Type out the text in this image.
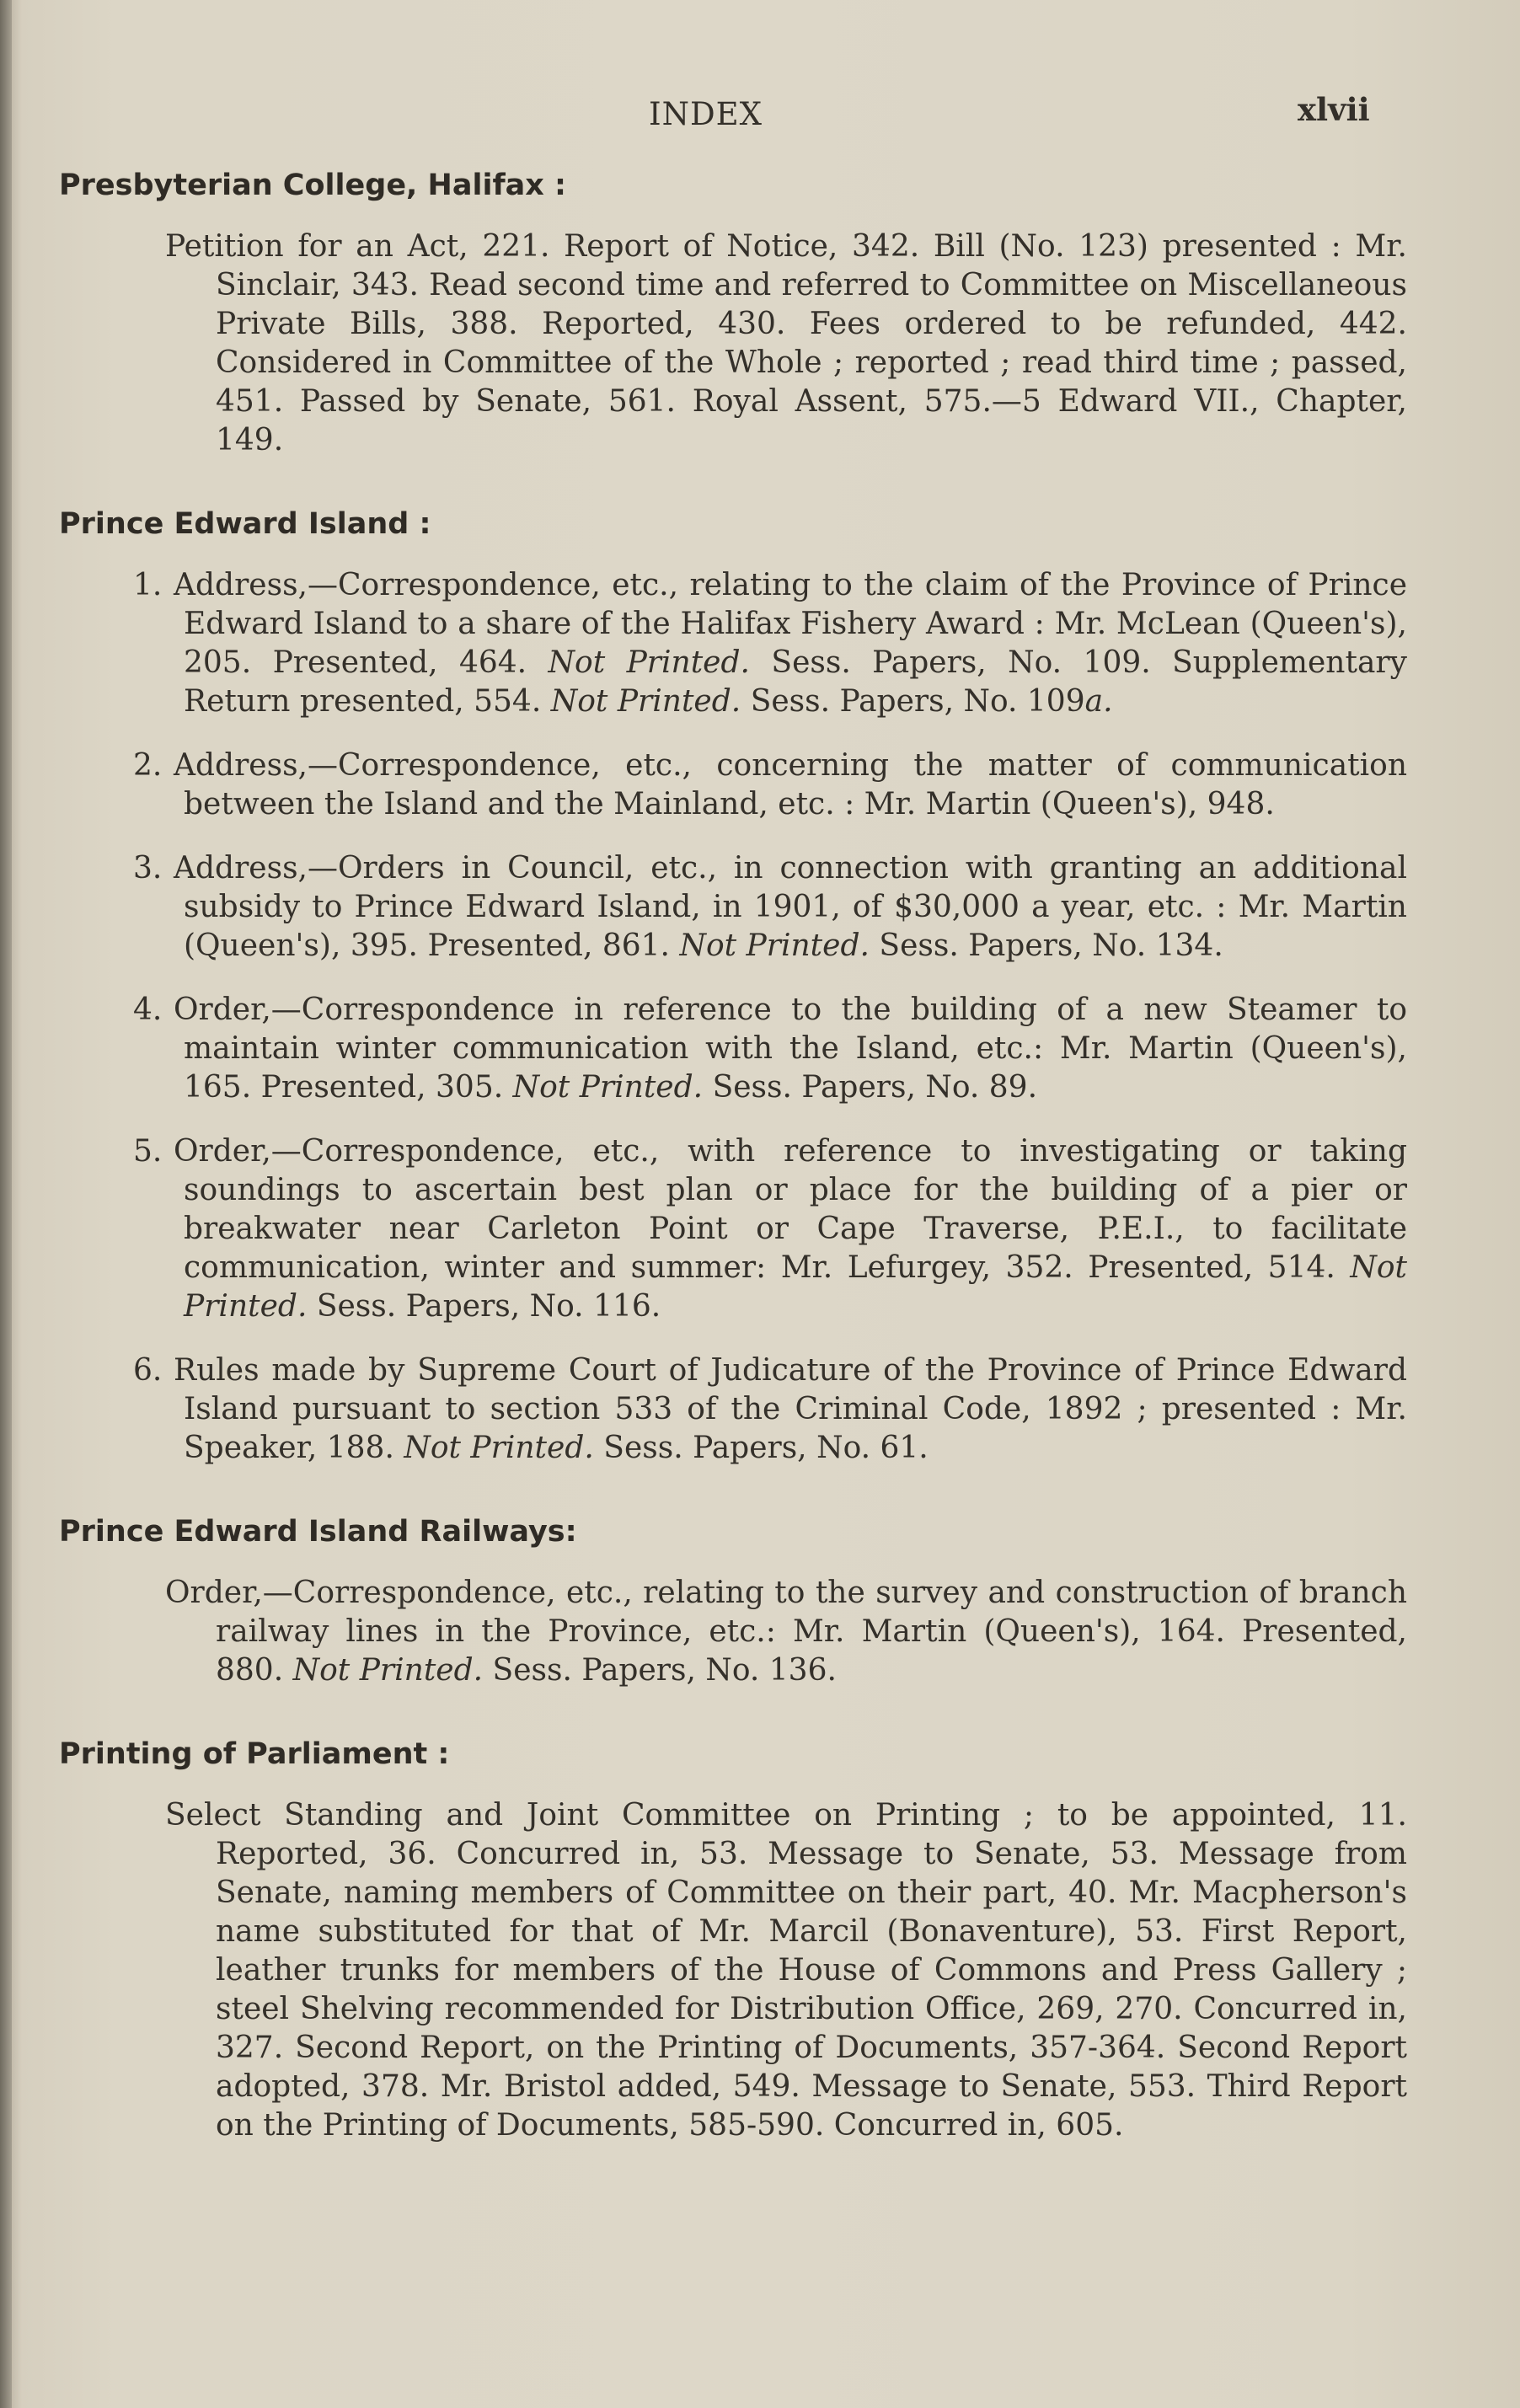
INDEX	xlvii
Presbyterian College, Halifax :
Petition for an Act, 221. Report of Notice, 342. Bill (No. 123) presented : Mr. Sinclair, 343. Read second time and referred to Committee on Miscellaneous Private Bills, 388. Reported, 430. Fees ordered to be refunded, 442. Considered in Committee of the Whole ; reported ; read third time ; passed, 451. Passed by Senate, 561. Royal Assent, 575.—5 Edward VII., Chapter, 149.
Prince Edward Island :
1. Address,—Correspondence, etc., relating to the claim of the Province of Prince Edward Island to a share of the Halifax Fishery Award : Mr. McLean (Queen's), 205. Presented, 464. Not Printed. Sess. Papers, No. 109. Supplementary Return presented, 554. Not Printed. Sess. Papers, No. 109a.
2. Address,—Correspondence, etc., concerning the matter of communication between the Island and the Mainland, etc. : Mr. Martin (Queen's), 948.
3. Address,—Orders in Council, etc., in connection with granting an additional subsidy to Prince Edward Island, in 1901, of $30,000 a year, etc. : Mr. Martin (Queen's), 395. Presented, 861. Not Printed. Sess. Papers, No. 134.
4. Order,—Correspondence in reference to the building of a new Steamer to maintain winter communication with the Island, etc.: Mr. Martin (Queen's), 165. Presented, 305. Not Printed. Sess. Papers, No. 89.
5. Order,—Correspondence, etc., with reference to investigating or taking soundings to ascertain best plan or place for the building of a pier or breakwater near Carleton Point or Cape Traverse, P.E.I., to facilitate communication, winter and summer: Mr. Lefurgey, 352. Presented, 514. Not Printed. Sess. Papers, No. 116.
6. Rules made by Supreme Court of Judicature of the Province of Prince Edward Island pursuant to section 533 of the Criminal Code, 1892 ; presented : Mr. Speaker, 188. Not Printed. Sess. Papers, No. 61.
Prince Edward Island Railways:
Order,—Correspondence, etc., relating to the survey and construction of branch railway lines in the Province, etc.: Mr. Martin (Queen's), 164. Presented, 880. Not Printed. Sess. Papers, No. 136.
Printing of Parliament :
Select Standing and Joint Committee on Printing ; to be appointed, 11. Reported, 36. Concurred in, 53. Message to Senate, 53. Message from Senate, naming members of Committee on their part, 40. Mr. Macpherson's name substituted for that of Mr. Marcil (Bonaventure), 53. First Report, leather trunks for members of the House of Commons and Press Gallery ; steel Shelving recommended for Distribution Office, 269, 270. Concurred in, 327. Second Report, on the Printing of Documents, 357-364. Second Report adopted, 378. Mr. Bristol added, 549. Message to Senate, 553. Third Report on the Printing of Documents, 585-590. Concurred in, 605.
